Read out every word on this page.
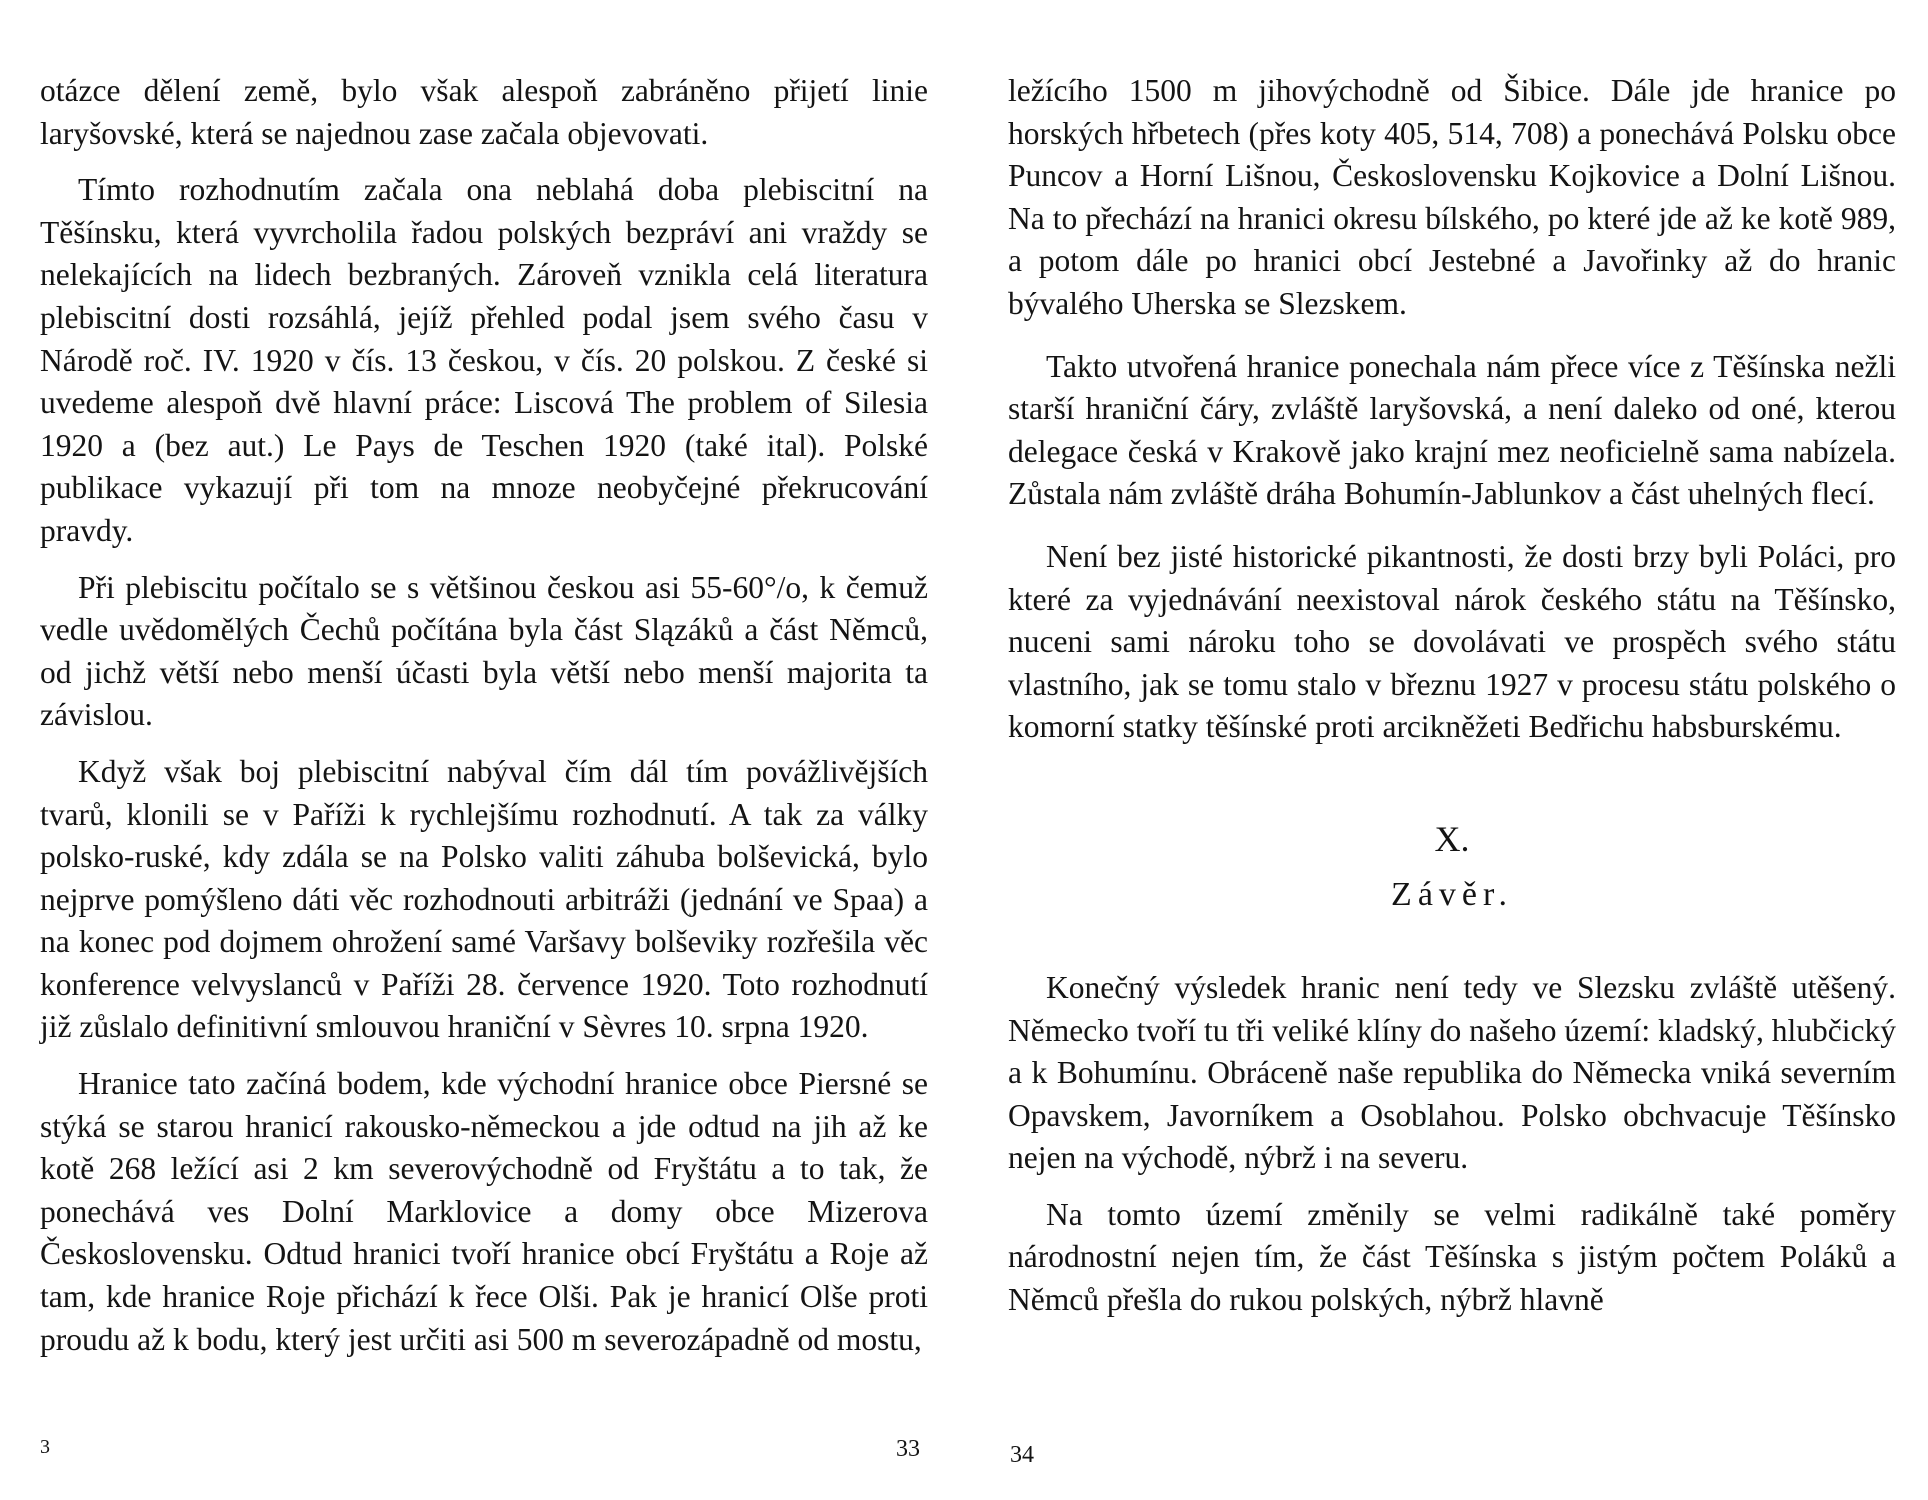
otázce dělení země, bylo však alespoň zabráněno přijetí linie laryšovské, která se najednou zase začala objevovati.

Tímto rozhodnutím začala ona neblahá doba plebiscitní na Těšínsku, která vyvrcholila řadou polských bezpráví ani vraždy se nelekajících na lidech bezbraných. Zároveň vznikla celá literatura plebiscitní dosti rozsáhlá, jejíž přehled podal jsem svého času v Národě roč. IV. 1920 v čís. 13 českou, v čís. 20 polskou. Z české si uvedeme alespoň dvě hlavní práce: Liscová The problem of Silesia 1920 a (bez aut.) Le Pays de Teschen 1920 (také ital). Polské publikace vykazují při tom na mnoze neobyčejné překrucování pravdy.

Při plebiscitu počítalo se s většinou českou asi 55-60°/o, k čemuž vedle uvědomělých Čechů počítána byla část Slązáků a část Němců, od jichž větší nebo menší účasti byla větší nebo menší majorita ta závislou.

Když však boj plebiscitní nabýval čím dál tím povážlivějších tvarů, klonili se v Paříži k rychlejšímu rozhodnutí. A tak za války polsko-ruské, kdy zdála se na Polsko valiti záhuba bolševická, bylo nejprve pomýšleno dáti věc rozhodnouti arbitráži (jednání ve Spaa) a na konec pod dojmem ohrožení samé Varšavy bolševiky rozřešila věc konference velvyslanců v Paříži 28. července 1920. Toto rozhodnutí již zůslalo definitivní smlouvou hraniční v Sèvres 10. srpna 1920.

Hranice tato začíná bodem, kde východní hranice obce Piersné se stýká se starou hranicí rakousko-německou a jde odtud na jih až ke kotě 268 ležící asi 2 km severovýchodně od Fryštátu a to tak, že ponechává ves Dolní Marklovice a domy obce Mizerova Československu. Odtud hranici tvoří hranice obcí Fryštátu a Roje až tam, kde hranice Roje přichází k řece Olši. Pak je hranicí Olše proti proudu až k bodu, který jest určiti asi 500 m severozápadně od mostu,

ležícího 1500 m jihovýchodně od Šibice. Dále jde hranice po horských hřbetech (přes koty 405, 514, 708) a ponechává Polsku obce Puncov a Horní Lišnou, Československu Kojkovice a Dolní Lišnou. Na to přechází na hranici okresu bílského, po které jde až ke kotě 989, a potom dále po hranici obcí Jestebné a Javořinky až do hranic bývalého Uherska se Slezskem.

Takto utvořená hranice ponechala nám přece více z Těšínska nežli starší hraniční čáry, zvláště laryšovská, a není daleko od oné, kterou delegace česká v Krakově jako krajní mez neoficielně sama nabízela. Zůstala nám zvláště dráha Bohumín-Jablunkov a část uhelných flecí.

Není bez jisté historické pikantnosti, že dosti brzy byli Poláci, pro které za vyjednávání neexistoval nárok českého státu na Těšínsko, nuceni sami nároku toho se dovolávati ve prospěch svého státu vlastního, jak se tomu stalo v březnu 1927 v procesu státu polského o komorní statky těšínské proti arcikněžeti Bedřichu habsburskému.

X.
Závěr.

Konečný výsledek hranic není tedy ve Slezsku zvláště utěšený. Německo tvoří tu tři veliké klíny do našeho území: kladský, hlubčický a k Bohumínu. Obráceně naše republika do Německa vniká severním Opavskem, Javorníkem a Osoblahou. Polsko obchvacuje Těšínsko nejen na východě, nýbrž i na severu.

Na tomto území změnily se velmi radikálně také poměry národnostní nejen tím, že část Těšínska s jistým počtem Poláků a Němců přešla do rukou polských, nýbrž hlavně

3	33	34
